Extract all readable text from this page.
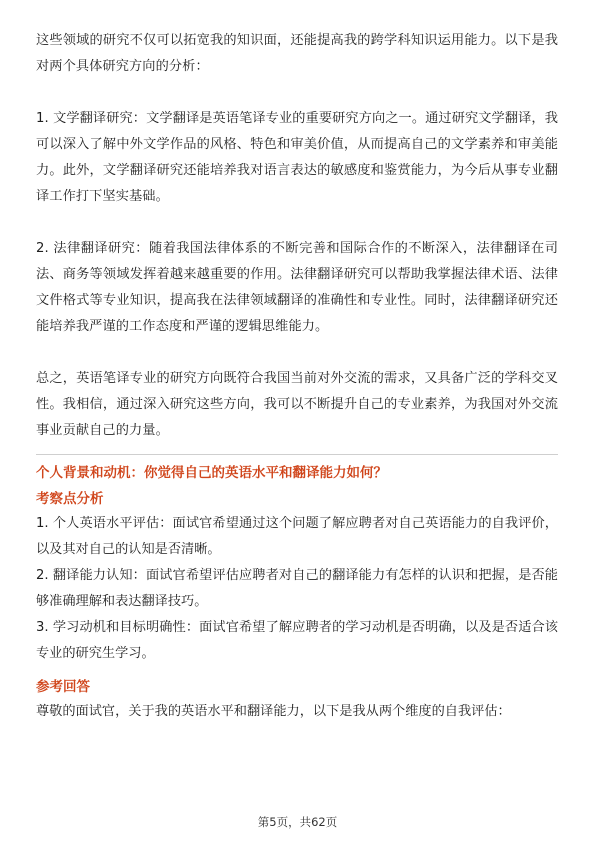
这些领域的研究不仅可以拓宽我的知识面，还能提高我的跨学科知识运用能力。以下是我对两个具体研究方向的分析：

1. 文学翻译研究：文学翻译是英语笔译专业的重要研究方向之一。通过研究文学翻译，我可以深入了解中外文学作品的风格、特色和审美价值，从而提高自己的文学素养和审美能力。此外，文学翻译研究还能培养我对语言表达的敏感度和鉴赏能力，为今后从事专业翻译工作打下坚实基础。

2. 法律翻译研究：随着我国法律体系的不断完善和国际合作的不断深入，法律翻译在司法、商务等领域发挥着越来越重要的作用。法律翻译研究可以帮助我掌握法律术语、法律文件格式等专业知识，提高我在法律领域翻译的准确性和专业性。同时，法律翻译研究还能培养我严谨的工作态度和严谨的逻辑思维能力。

总之，英语笔译专业的研究方向既符合我国当前对外交流的需求，又具备广泛的学科交叉性。我相信，通过深入研究这些方向，我可以不断提升自己的专业素养，为我国对外交流事业贡献自己的力量。

个人背景和动机：你觉得自己的英语水平和翻译能力如何？

考察点分析

1. 个人英语水平评估：面试官希望通过这个问题了解应聘者对自己英语能力的自我评价，以及其对自己的认知是否清晰。

2. 翻译能力认知：面试官希望评估应聘者对自己的翻译能力有怎样的认识和把握，是否能够准确理解和表达翻译技巧。

3. 学习动机和目标明确性：面试官希望了解应聘者的学习动机是否明确，以及是否适合该专业的研究生学习。

参考回答

尊敬的面试官，关于我的英语水平和翻译能力，以下是我从两个维度的自我评估：

第5页，共62页
